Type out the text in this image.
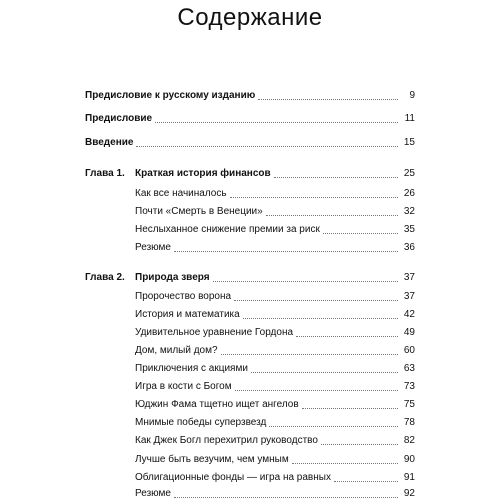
Содержание
Предисловие к русскому изданию	9
Предисловие	11
Введение	15
Глава 1. Краткая история финансов	25
Как все начиналось	26
Почти «Смерть в Венеции»	32
Неслыханное снижение премии за риск	35
Резюме	36
Глава 2. Природа зверя	37
Пророчество ворона	37
История и математика	42
Удивительное уравнение Гордона	49
Дом, милый дом?	60
Приключения с акциями	63
Игра в кости с Богом	73
Юджин Фама тщетно ищет ангелов	75
Мнимые победы суперзвезд	78
Как Джек Богл перехитрил руководство	82
Лучше быть везучим, чем умным	90
Облигационные фонды — игра на равных	91
Резюме	92
